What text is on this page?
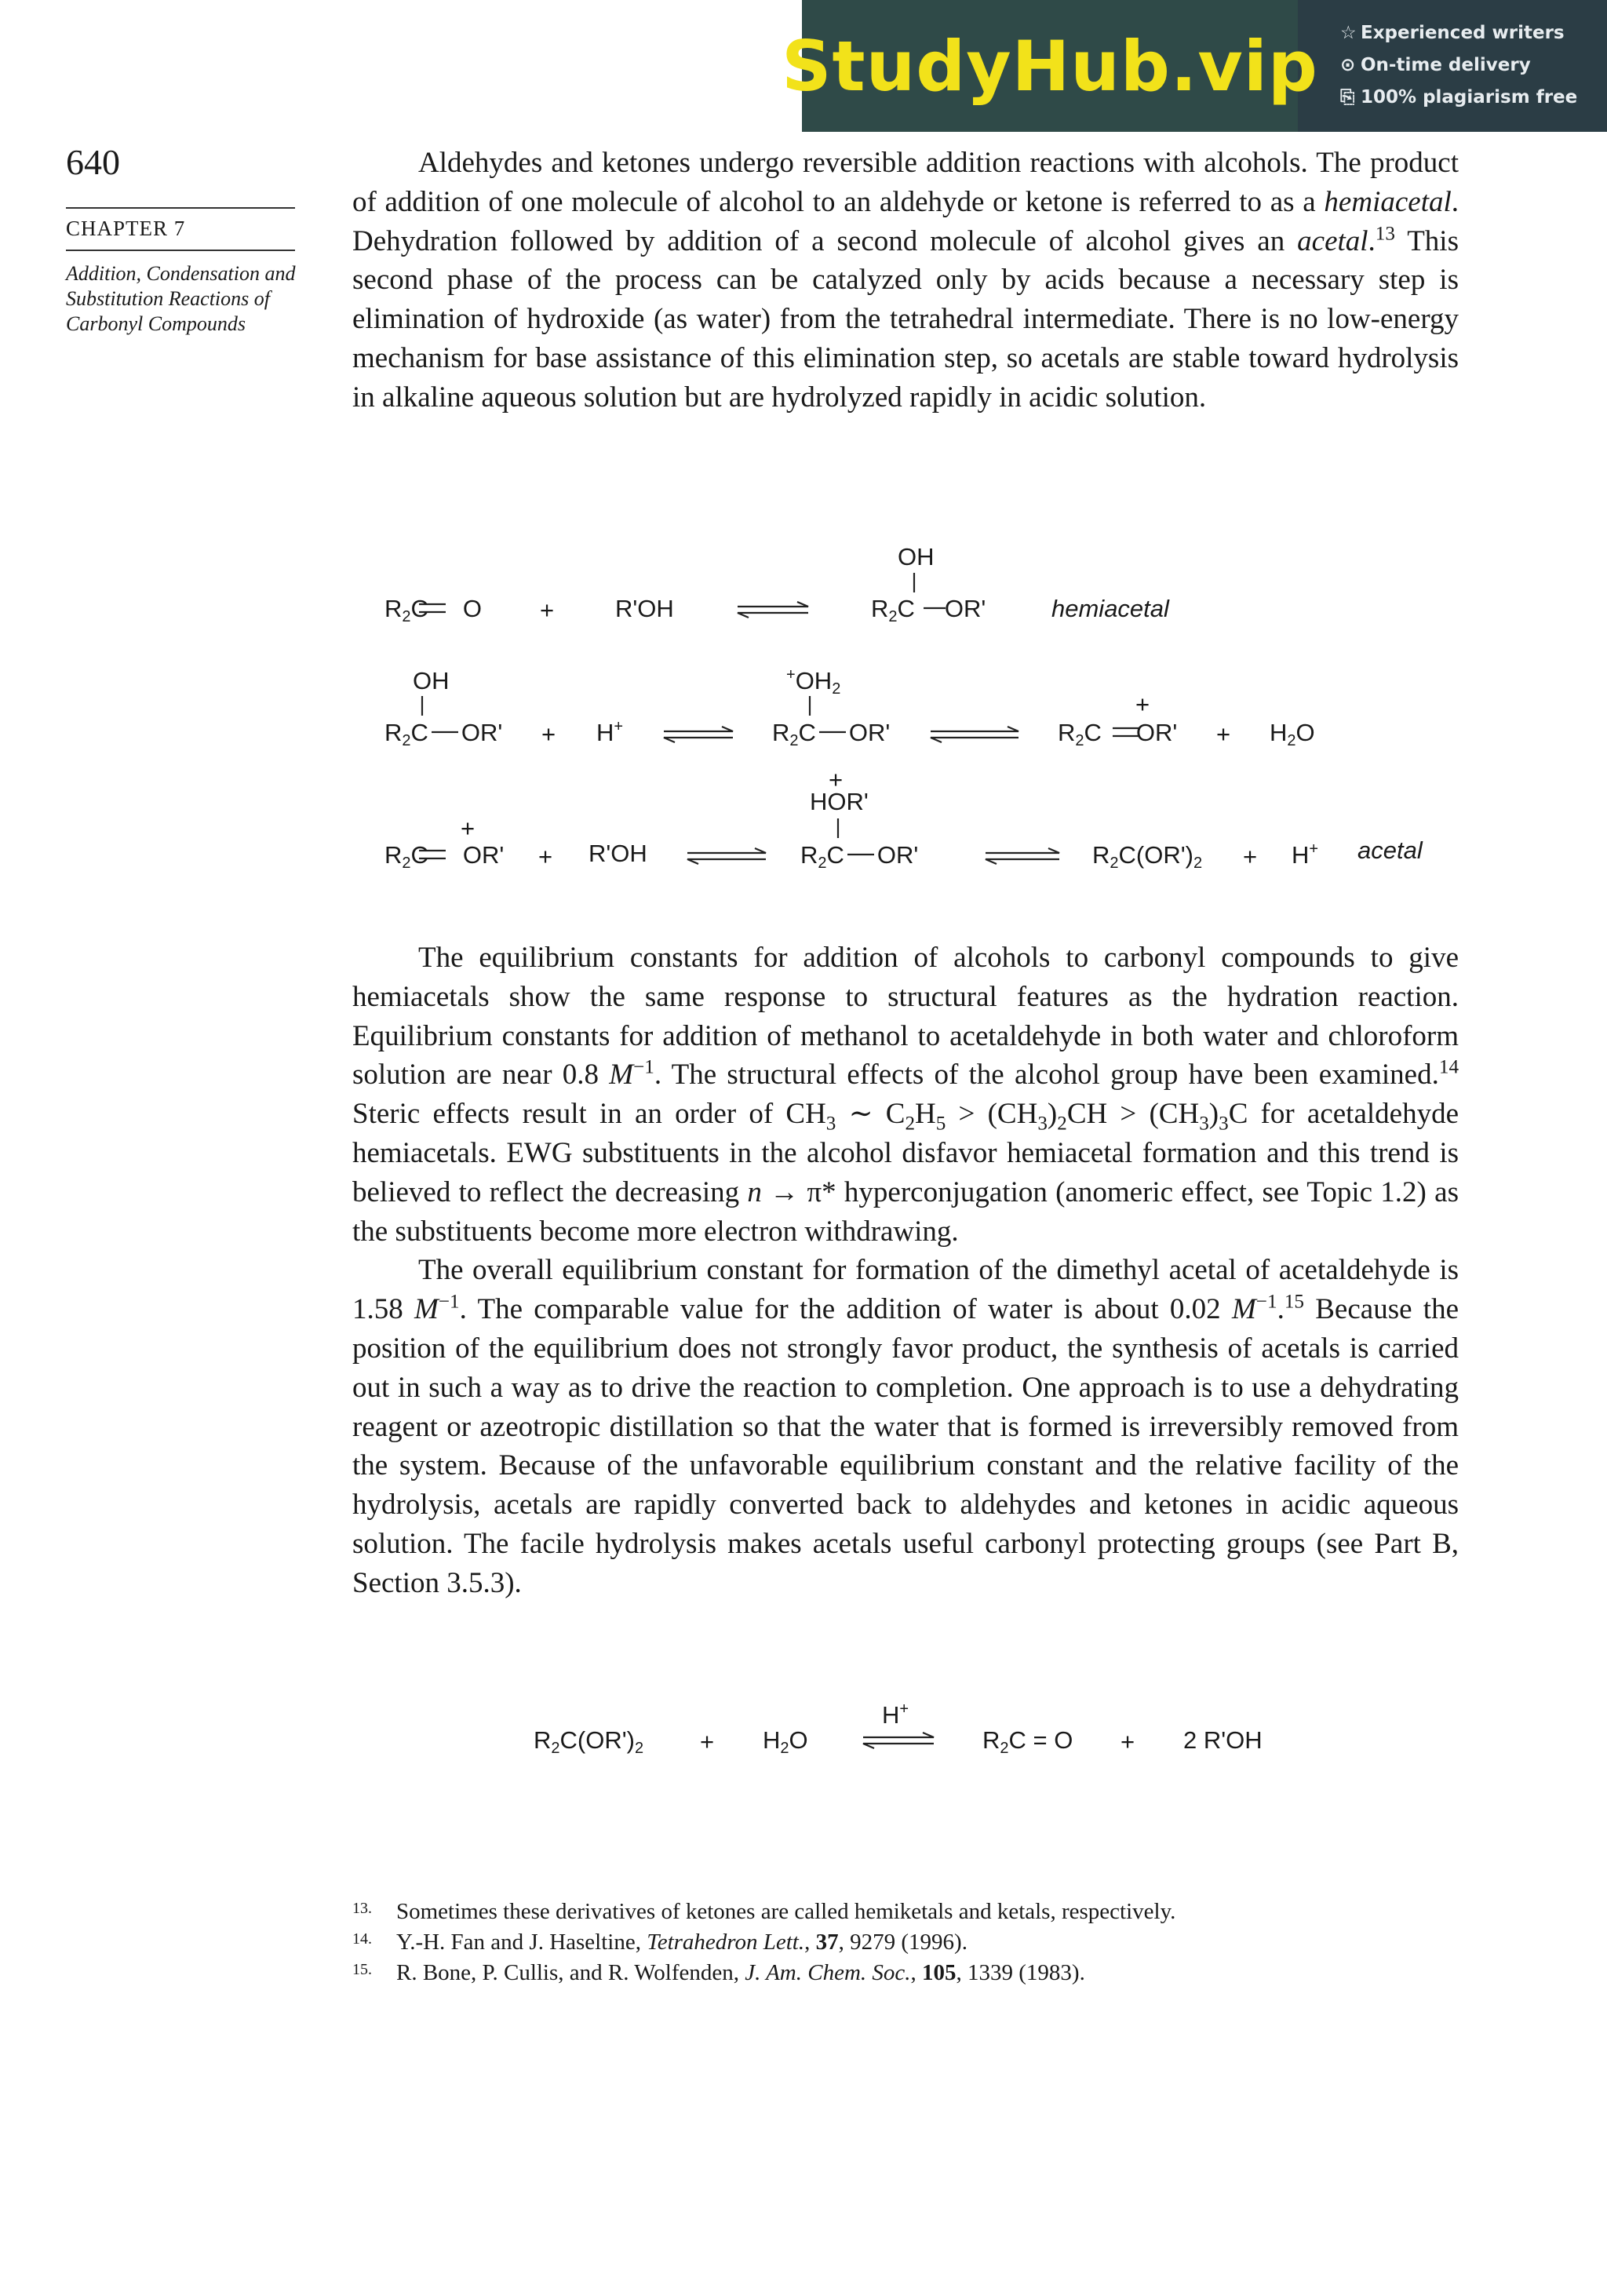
StudyHub.vip ☆ Experienced writers
⊙ On-time delivery
⎘ 100% plagiarism free
640
CHAPTER 7
Addition, Condensation and Substitution Reactions of Carbonyl Compounds

Aldehydes and ketones undergo reversible addition reactions with alcohols. The product of addition of one molecule of alcohol to an aldehyde or ketone is referred to as a hemiacetal. Dehydration followed by addition of a second molecule of alcohol gives an acetal.$^{13}$ This second phase of the process can be catalyzed only by acids because a necessary step is elimination of hydroxide (as water) from the tetrahedral intermediate. There is no low-energy mechanism for base assistance of this elimination step, so acetals are stable toward hydrolysis in alkaline aqueous solution but are hydrolyzed rapidly in acidic solution.

$R_2C$ O +	R'OH
OH
$R_2C$ OR'	hemiacetal
OH
$R_2C$ OR' + H+
$^+OH_2$
$R_2C$ OR'
+
$R_2C$ $OR' + H_2O$
+
$R_2C$ OR' + R'OH
+
HOR'
$R_2C$ OR'	$R_2C(OR')_2 + H^+$ acetal

The equilibrium constants for addition of alcohols to carbonyl compounds to give hemiacetals show the same response to structural features as the hydration reaction. Equilibrium constants for addition of methanol to acetaldehyde in both water and chloroform solution are near 0.8 $M^{-1}$. The structural effects of the alcohol group have been examined.$^{14}$ Steric effects result in an order of $CH_3$ ∼ $C_2H_5 > (CH_3)_2CH > (CH_3)_3C$ for acetaldehyde hemiacetals. EWG substituents in the alcohol disfavor hemiacetal formation and this trend is believed to reflect the decreasing n → π* hyperconjugation (anomeric effect, see Topic 1.2) as the substituents become more electron withdrawing.

The overall equilibrium constant for formation of the dimethyl acetal of acetaldehyde is 1.58 $M^{-1}$. The comparable value for the addition of water is about 0.02 $M^{-1}.^{15}$ Because the position of the equilibrium does not strongly favor product, the synthesis of acetals is carried out in such a way as to drive the reaction to completion. One approach is to use a dehydrating reagent or azeotropic distillation so that the water that is formed is irreversibly removed from the system. Because of the unfavorable equilibrium constant and the relative facility of the hydrolysis, acetals are rapidly converted back to aldehydes and ketones in acidic aqueous solution. The facile hydrolysis makes acetals useful carbonyl protecting groups (see Part B, Section 3.5.3).

$R_2C(OR')_2 + H_2O$
H+
$R_2C = O + 2$ R'OH
13. Sometimes these derivatives of ketones are called hemiketals and ketals, respectively.
14. Y.-H. Fan and J. Haseltine, Tetrahedron Lett., 37, 9279 (1996).
15. R. Bone, P. Cullis, and R. Wolfenden, J. Am. Chem. Soc., 105, 1339 (1983).
